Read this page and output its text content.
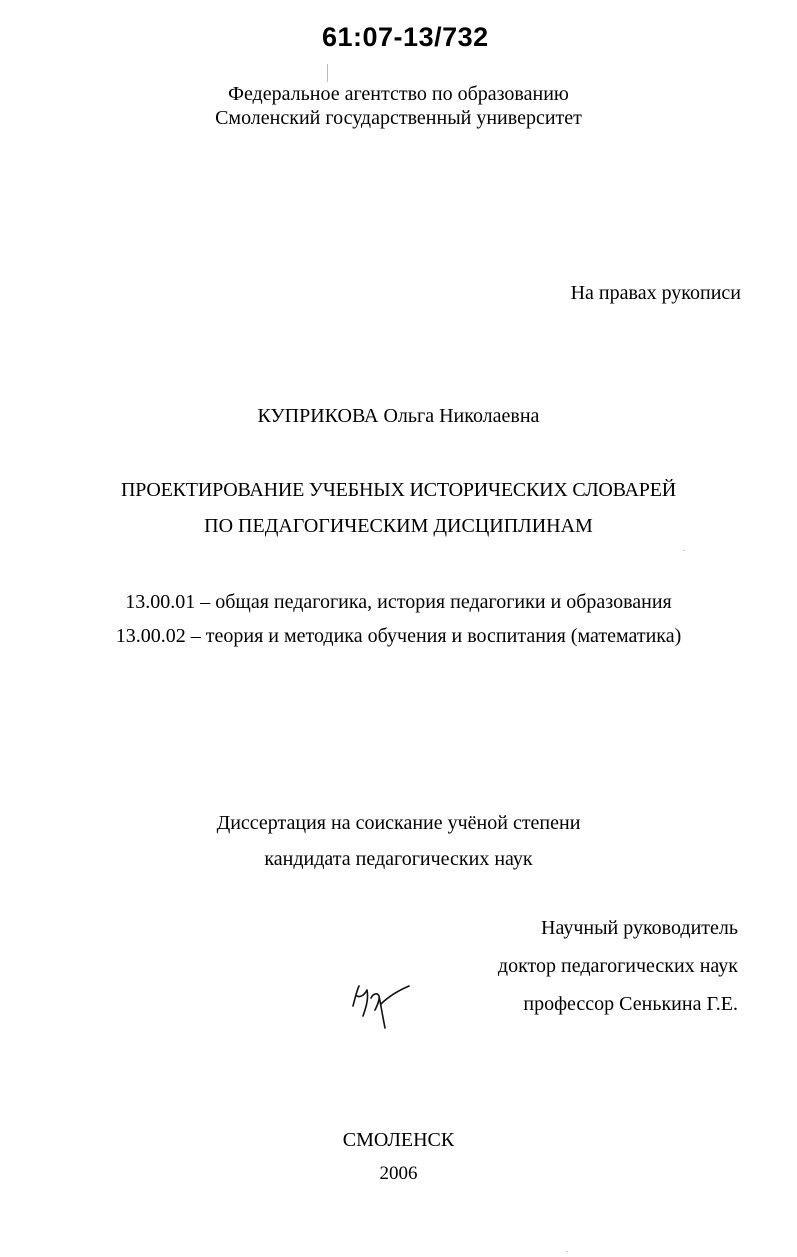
61:07-13/732
Федеральное агентство по образованию
Смоленский государственный университет
На правах рукописи
КУПРИКОВА Ольга Николаевна
ПРОЕКТИРОВАНИЕ УЧЕБНЫХ ИСТОРИЧЕСКИХ СЛОВАРЕЙ
ПО ПЕДАГОГИЧЕСКИМ ДИСЦИПЛИНАМ
13.00.01 – общая педагогика, история педагогики и образования
13.00.02 – теория и методика обучения и воспитания (математика)
Диссертация на соискание учёной степени
кандидата педагогических наук
Научный руководитель
доктор педагогических наук
профессор Сенькина Г.Е.
СМОЛЕНСК
2006
